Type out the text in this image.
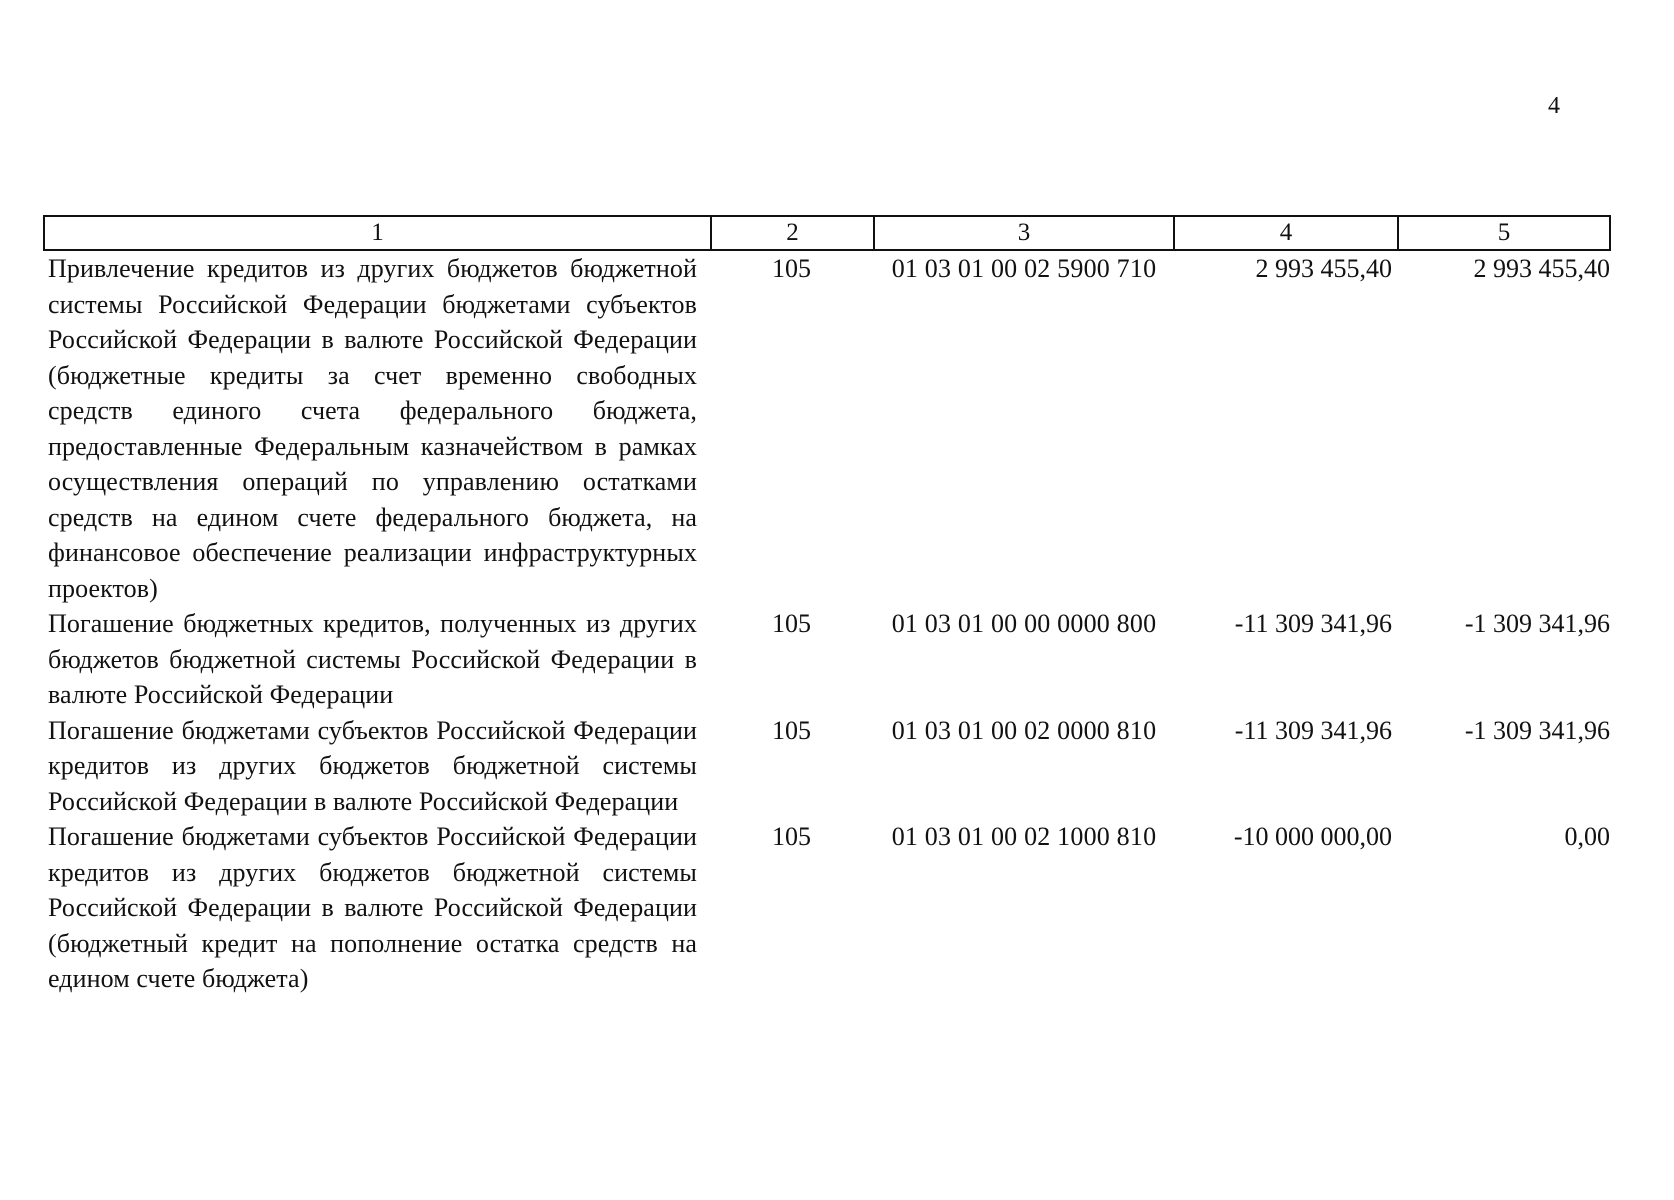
4
1	2	3	4	5
Привлечение кредитов из других бюджетов бюджетной системы Российской Федерации бюджетами субъектов Российской Федерации в валюте Российской Федерации (бюджетные кредиты за счет временно свободных средств единого счета федерального бюджета, предоставленные Федеральным казначейством в рамках осуществления операций по управлению остатками средств на едином счете федерального бюджета, на финансовое обеспечение реализации инфраструктурных проектов)	105	01 03 01 00 02 5900 710	2 993 455,40	2 993 455,40
Погашение бюджетных кредитов, полученных из других бюджетов бюджетной системы Российской Федерации в валюте Российской Федерации	105	01 03 01 00 00 0000 800	-11 309 341,96	-1 309 341,96
Погашение бюджетами субъектов Российской Федерации кредитов из других бюджетов бюджетной системы Российской Федерации в валюте Российской Федерации	105	01 03 01 00 02 0000 810	-11 309 341,96	-1 309 341,96
Погашение бюджетами субъектов Российской Федерации кредитов из других бюджетов бюджетной системы Российской Федерации в валюте Российской Федерации (бюджетный кредит на пополнение остатка средств на едином счете бюджета)	105	01 03 01 00 02 1000 810	-10 000 000,00	0,00
